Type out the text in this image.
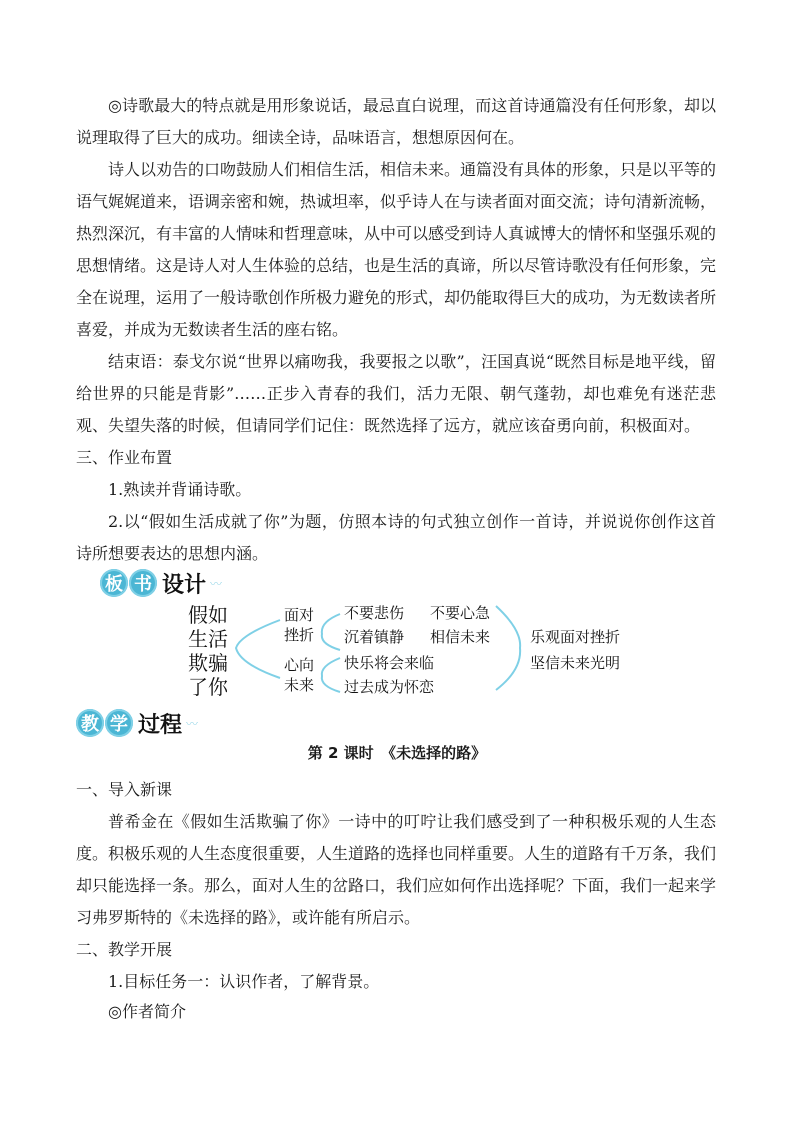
◎诗歌最大的特点就是用形象说话，最忌直白说理，而这首诗通篇没有任何形象，却以

说理取得了巨大的成功。细读全诗，品味语言，想想原因何在。

诗人以劝告的口吻鼓励人们相信生活，相信未来。通篇没有具体的形象，只是以平等的

语气娓娓道来，语调亲密和婉，热诚坦率，似乎诗人在与读者面对面交流；诗句清新流畅，

热烈深沉，有丰富的人情味和哲理意味，从中可以感受到诗人真诚博大的情怀和坚强乐观的

思想情绪。这是诗人对人生体验的总结，也是生活的真谛，所以尽管诗歌没有任何形象，完

全在说理，运用了一般诗歌创作所极力避免的形式，却仍能取得巨大的成功，为无数读者所

喜爱，并成为无数读者生活的座右铭。

结束语：泰戈尔说“世界以痛吻我，我要报之以歌”，汪国真说“既然目标是地平线，留

给世界的只能是背影”……正步入青春的我们，活力无限、朝气蓬勃，却也难免有迷茫悲

观、失望失落的时候，但请同学们记住：既然选择了远方，就应该奋勇向前，积极面对。

三、作业布置

1.熟读并背诵诗歌。

2.以“假如生活成就了你”为题，仿照本诗的句式独立创作一首诗，并说说你创作这首

诗所想要表达的思想内涵。

板 书 设计 〰
假如
生活
欺骗
了你
面对
挫折
心向
未来
不要悲伤 不要心急
沉着镇静 相信未来
快乐将会来临
过去成为怀恋
乐观面对挫折
坚信未来光明
教 学 过程 〰
第 2 课时　《未选择的路》

一、导入新课

普希金在《假如生活欺骗了你》一诗中的叮咛让我们感受到了一种积极乐观的人生态

度。积极乐观的人生态度很重要，人生道路的选择也同样重要。人生的道路有千万条，我们

却只能选择一条。那么，面对人生的岔路口，我们应如何作出选择呢？下面，我们一起来学

习弗罗斯特的《未选择的路》，或许能有所启示。

二、教学开展

1.目标任务一：认识作者，了解背景。

◎作者简介
